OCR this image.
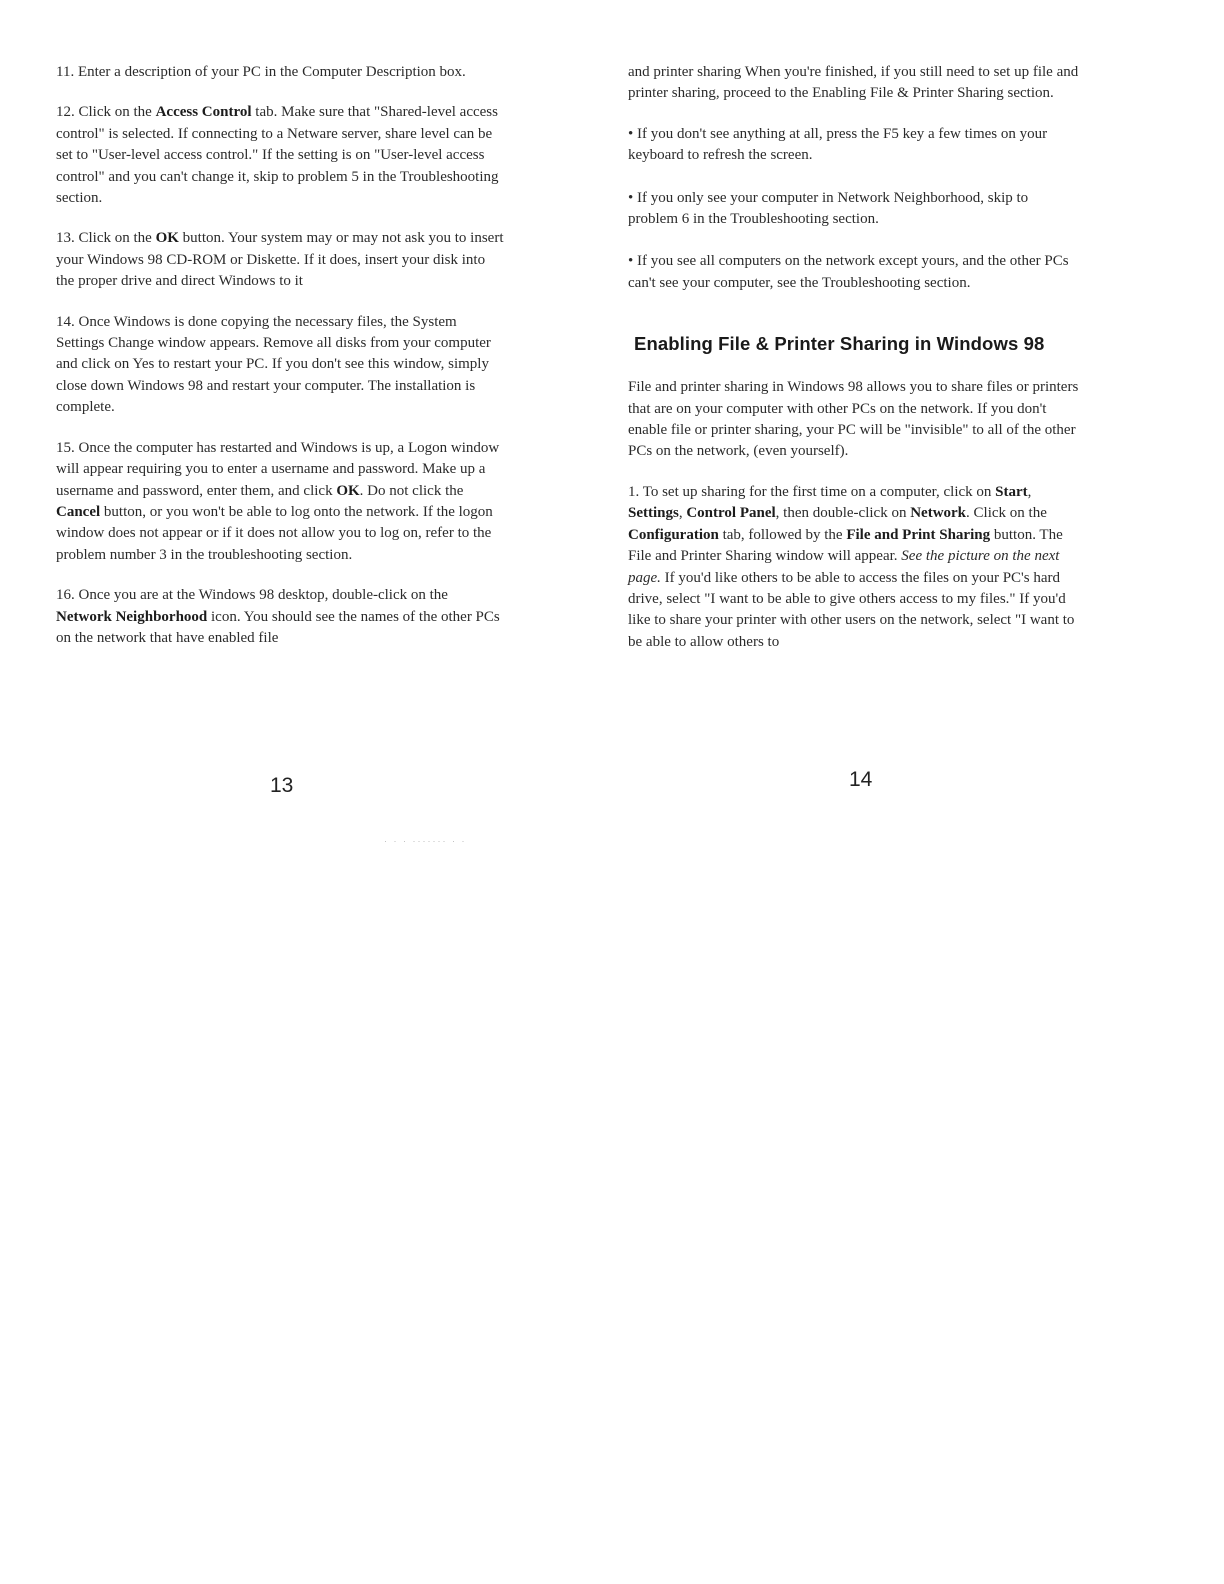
11. Enter a description of your PC in the Computer Description box.

12. Click on the Access Control tab. Make sure that "Shared-level access control" is selected. If connecting to a Netware server, share level can be set to "User-level access control." If the setting is on "User-level access control" and you can't change it, skip to problem 5 in the Troubleshooting section.

13. Click on the OK button. Your system may or may not ask you to insert your Windows 98 CD-ROM or Diskette. If it does, insert your disk into the proper drive and direct Windows to it

14. Once Windows is done copying the necessary files, the System Settings Change window appears. Remove all disks from your computer and click on Yes to restart your PC. If you don't see this window, simply close down Windows 98 and restart your computer. The installation is complete.

15. Once the computer has restarted and Windows is up, a Logon window will appear requiring you to enter a username and password. Make up a username and password, enter them, and click OK. Do not click the Cancel button, or you won't be able to log onto the network. If the logon window does not appear or if it does not allow you to log on, refer to the problem number 3 in the troubleshooting section.

16. Once you are at the Windows 98 desktop, double-click on the Network Neighborhood icon. You should see the names of the other PCs on the network that have enabled file

13

and printer sharing When you're finished, if you still need to set up file and printer sharing, proceed to the Enabling File & Printer Sharing section.

• If you don't see anything at all, press the F5 key a few times on your keyboard to refresh the screen.

• If you only see your computer in Network Neighborhood, skip to problem 6 in the Troubleshooting section.

• If you see all computers on the network except yours, and the other PCs can't see your computer, see the Troubleshooting section.

Enabling File & Printer Sharing in Windows 98

File and printer sharing in Windows 98 allows you to share files or printers that are on your computer with other PCs on the network. If you don't enable file or printer sharing, your PC will be "invisible" to all of the other PCs on the network, (even yourself).

1. To set up sharing for the first time on a computer, click on Start, Settings, Control Panel, then double-click on Network. Click on the Configuration tab, followed by the File and Print Sharing button. The File and Printer Sharing window will appear. See the picture on the next page. If you'd like others to be able to access the files on your PC's hard drive, select "I want to be able to give others access to my files." If you'd like to share your printer with other users on the network, select "I want to be able to allow others to

14
· · · ······· · ·
